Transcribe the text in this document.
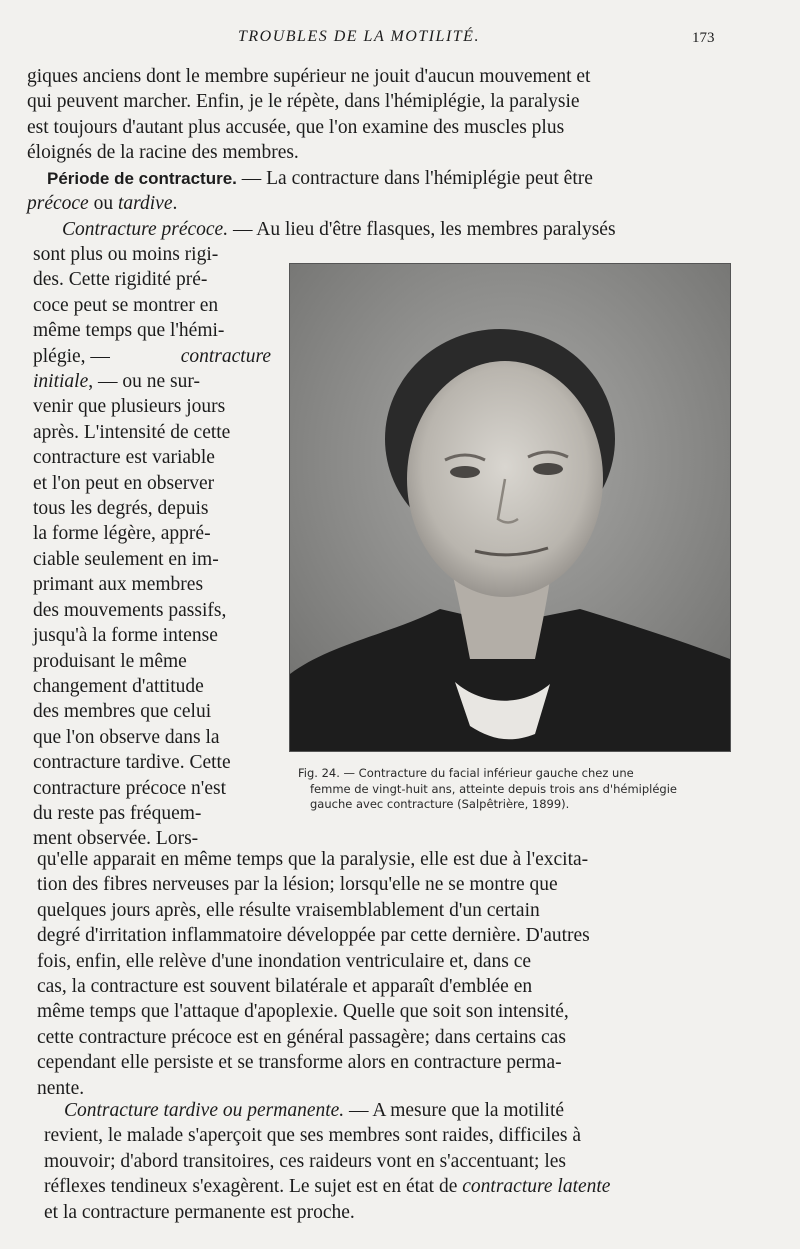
TROUBLES DE LA MOTILITÉ.	173
giques anciens dont le membre supérieur ne jouit d'aucun mouvement et
qui peuvent marcher. Enfin, je le répète, dans l'hémiplégie, la paralysie
est toujours d'autant plus accusée, que l'on examine des muscles plus
éloignés de la racine des membres.
Période de contracture. — La contracture dans l'hémiplégie peut être
précoce ou tardive.
Contracture précoce. — Au lieu d'être flasques, les membres paralysés
sont plus ou moins rigi-
des. Cette rigidité pré-
coce peut se montrer en
même temps que l'hémi-
plégie, —	contracture
initiale, — ou ne sur-
venir que plusieurs jours
après. L'intensité de cette
contracture est variable
et l'on peut en observer
tous les degrés, depuis
la forme légère, appré-
ciable seulement en im-
primant aux membres
des mouvements passifs,
jusqu'à la forme intense
produisant le même
changement d'attitude
des membres que celui
que l'on observe dans la
contracture tardive. Cette
contracture précoce n'est
du reste pas fréquem-
ment observée. Lors-
Fig. 24. — Contracture du facial inférieur gauche chez une
femme de vingt-huit ans, atteinte depuis trois ans d'hémiplégie
gauche avec contracture (Salpêtrière, 1899).
qu'elle apparait en même temps que la paralysie, elle est due à l'excita-
tion des fibres nerveuses par la lésion; lorsqu'elle ne se montre que
quelques jours après, elle résulte vraisemblablement d'un certain
degré d'irritation inflammatoire développée par cette dernière. D'autres
fois, enfin, elle relève d'une inondation ventriculaire et, dans ce
cas, la contracture est souvent bilatérale et apparaît d'emblée en
même temps que l'attaque d'apoplexie. Quelle que soit son intensité,
cette contracture précoce est en général passagère; dans certains cas
cependant elle persiste et se transforme alors en contracture perma-
nente.
Contracture tardive ou permanente. — A mesure que la motilité
revient, le malade s'aperçoit que ses membres sont raides, difficiles à
mouvoir; d'abord transitoires, ces raideurs vont en s'accentuant; les
réflexes tendineux s'exagèrent. Le sujet est en état de contracture latente
et la contracture permanente est proche.
